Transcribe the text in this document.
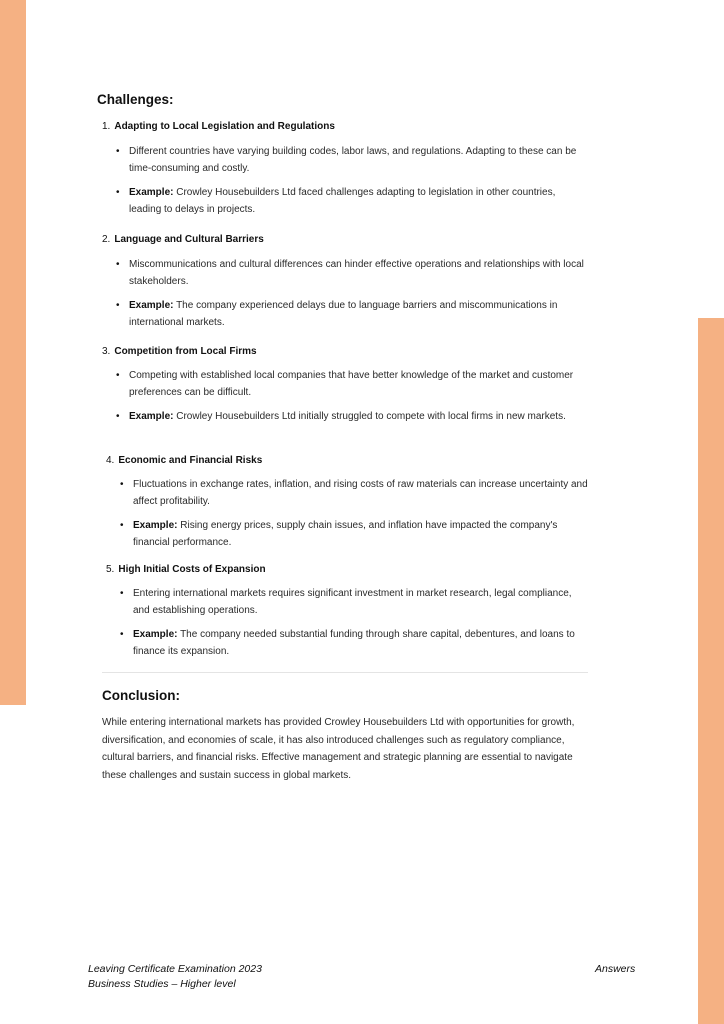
Challenges:
1. Adapting to Local Legislation and Regulations
• Different countries have varying building codes, labor laws, and regulations. Adapting to these can be time-consuming and costly.
• Example: Crowley Housebuilders Ltd faced challenges adapting to legislation in other countries, leading to delays in projects.
2. Language and Cultural Barriers
• Miscommunications and cultural differences can hinder effective operations and relationships with local stakeholders.
• Example: The company experienced delays due to language barriers and miscommunications in international markets.
3. Competition from Local Firms
• Competing with established local companies that have better knowledge of the market and customer preferences can be difficult.
• Example: Crowley Housebuilders Ltd initially struggled to compete with local firms in new markets.
4. Economic and Financial Risks
• Fluctuations in exchange rates, inflation, and rising costs of raw materials can increase uncertainty and affect profitability.
• Example: Rising energy prices, supply chain issues, and inflation have impacted the company's financial performance.
5. High Initial Costs of Expansion
• Entering international markets requires significant investment in market research, legal compliance, and establishing operations.
• Example: The company needed substantial funding through share capital, debentures, and loans to finance its expansion.
Conclusion:

While entering international markets has provided Crowley Housebuilders Ltd with opportunities for growth, diversification, and economies of scale, it has also introduced challenges such as regulatory compliance, cultural barriers, and financial risks. Effective management and strategic planning are essential to navigate these challenges and sustain success in global markets.

Leaving Certificate Examination 2023
Business Studies – Higher level
Answers
